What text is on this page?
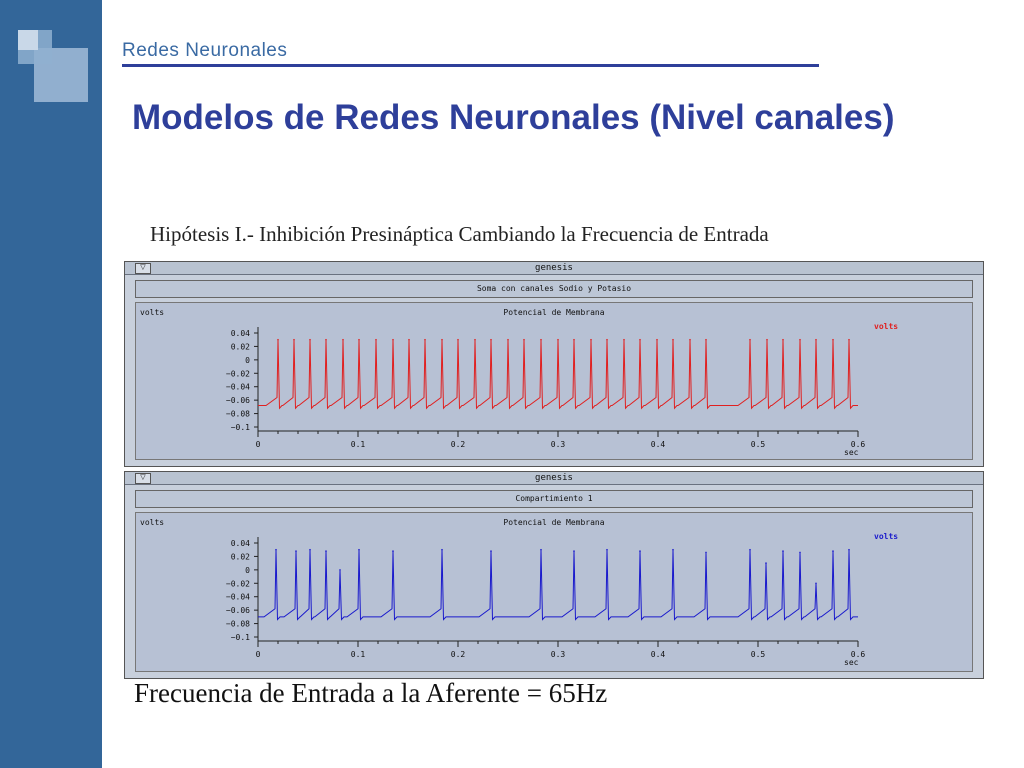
Redes Neuronales
Modelos de Redes Neuronales (Nivel canales)
Hipótesis I.- Inhibición Presináptica Cambiando la Frecuencia de Entrada
▽	genesis
Soma con canales Sodio y Potasio
volts	Potencial de Membrana
volts
0.04
0.02
0
−0.02
−0.04
−0.06
−0.08
−0.1
0	0.1	0.2	0.3	0.4	0.5	0.6
sec
▽	genesis
Compartimiento 1
volts	Potencial de Membrana
volts
0.04
0.02
0
−0.02
−0.04
−0.06
−0.08
−0.1
0	0.1	0.2	0.3	0.4	0.5	0.6
sec
Frecuencia de Entrada a la Aferente = 65Hz
